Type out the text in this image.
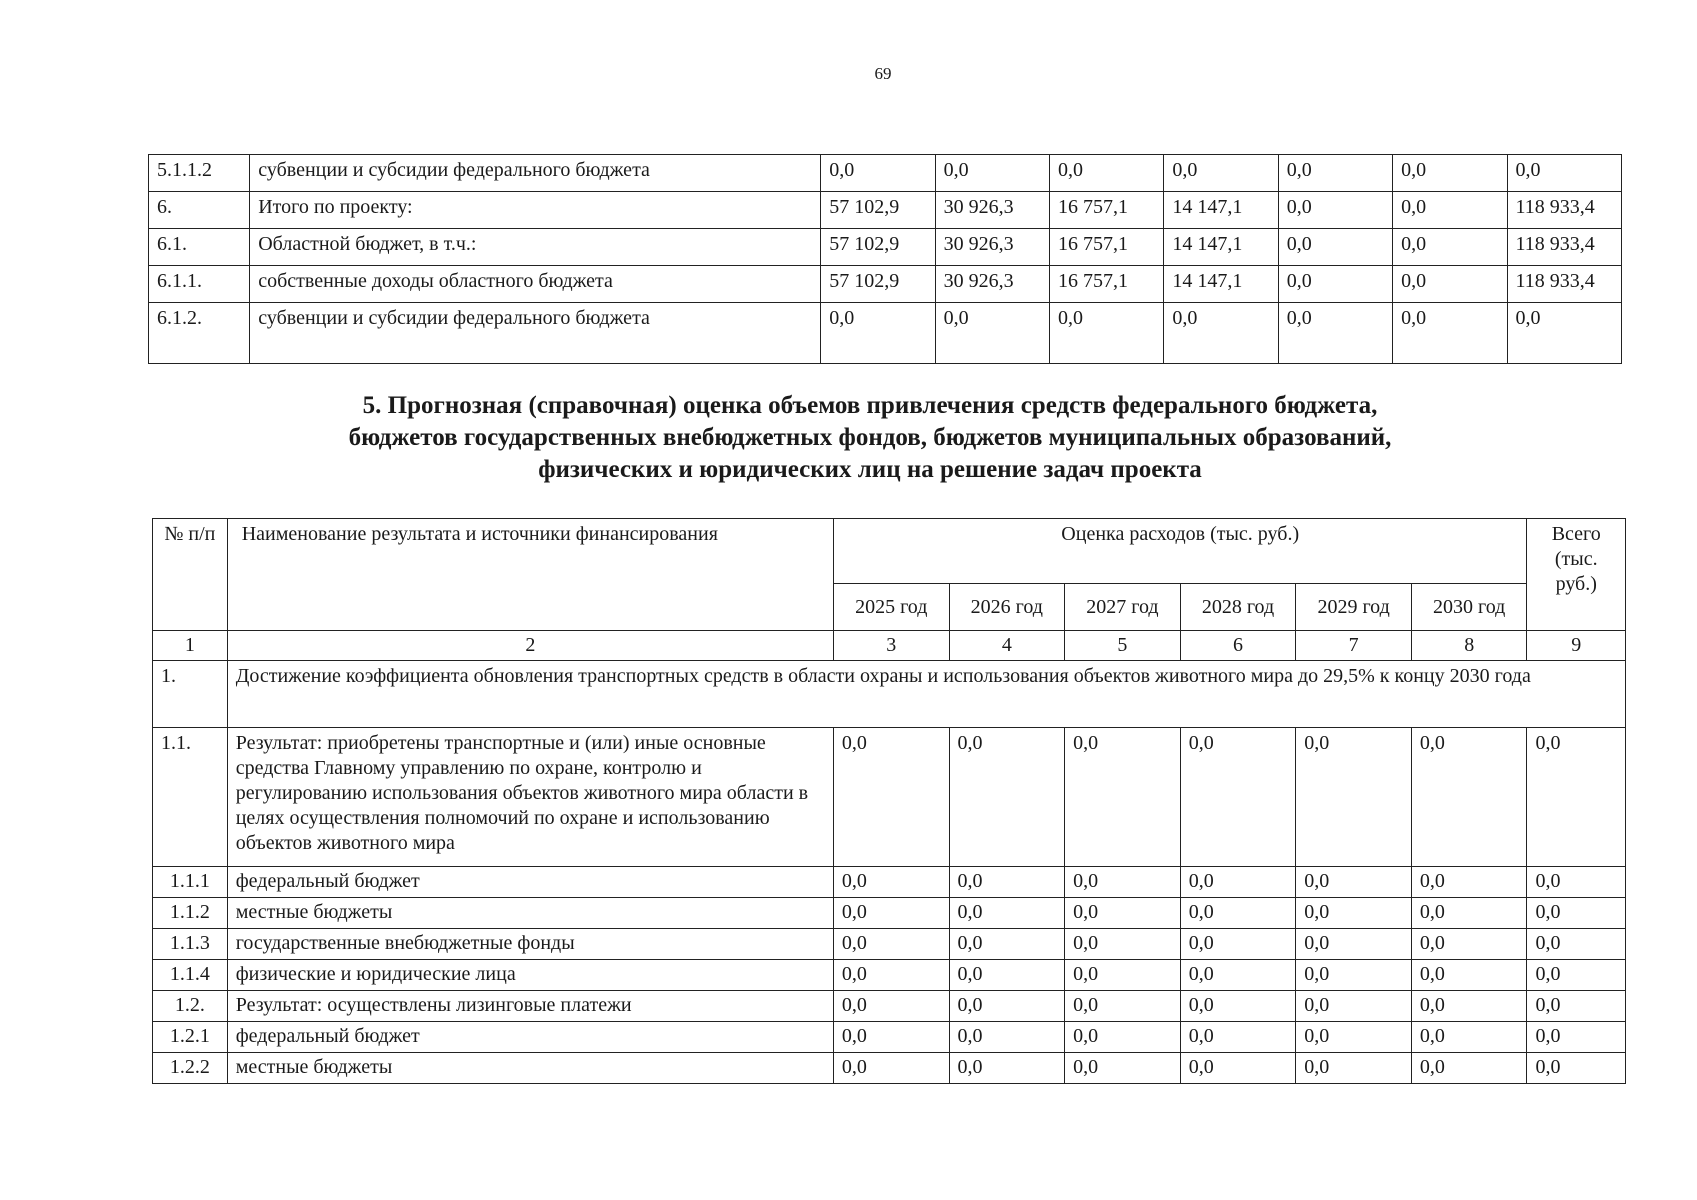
69
5.1.1.2	субвенции и субсидии федерального бюджета	0,0	0,0	0,0	0,0	0,0	0,0	0,0
6.	Итого по проекту:	57 102,9	30 926,3	16 757,1	14 147,1	0,0	0,0	118 933,4
6.1.	Областной бюджет, в т.ч.:	57 102,9	30 926,3	16 757,1	14 147,1	0,0	0,0	118 933,4
6.1.1.	собственные доходы областного бюджета	57 102,9	30 926,3	16 757,1	14 147,1	0,0	0,0	118 933,4
6.1.2.	субвенции и субсидии федерального бюджета	0,0	0,0	0,0	0,0	0,0	0,0	0,0
5. Прогнозная (справочная) оценка объемов привлечения средств федерального бюджета,
бюджетов государственных внебюджетных фондов, бюджетов муниципальных образований,
физических и юридических лиц на решение задач проекта
№ п/п	Наименование результата и источники финансирования	Оценка расходов (тыс. руб.)						Всего (тыс. руб.)
		2025 год	2026 год	2027 год	2028 год	2029 год	2030 год	
1	2	3	4	5	6	7	8	9
1.	Достижение коэффициента обновления транспортных средств в области охраны и использования объектов животного мира до 29,5% к концу 2030 года							
1.1.	Результат: приобретены транспортные и (или) иные основные средства Главному управлению по охране, контролю и регулированию использования объектов животного мира области в целях осуществления полномочий по охране и использованию объектов животного мира	0,0	0,0	0,0	0,0	0,0	0,0	0,0
1.1.1	федеральный бюджет	0,0	0,0	0,0	0,0	0,0	0,0	0,0
1.1.2	местные бюджеты	0,0	0,0	0,0	0,0	0,0	0,0	0,0
1.1.3	государственные внебюджетные фонды	0,0	0,0	0,0	0,0	0,0	0,0	0,0
1.1.4	физические и юридические лица	0,0	0,0	0,0	0,0	0,0	0,0	0,0
1.2.	Результат: осуществлены лизинговые платежи	0,0	0,0	0,0	0,0	0,0	0,0	0,0
1.2.1	федеральный бюджет	0,0	0,0	0,0	0,0	0,0	0,0	0,0
1.2.2	местные бюджеты	0,0	0,0	0,0	0,0	0,0	0,0	0,0
